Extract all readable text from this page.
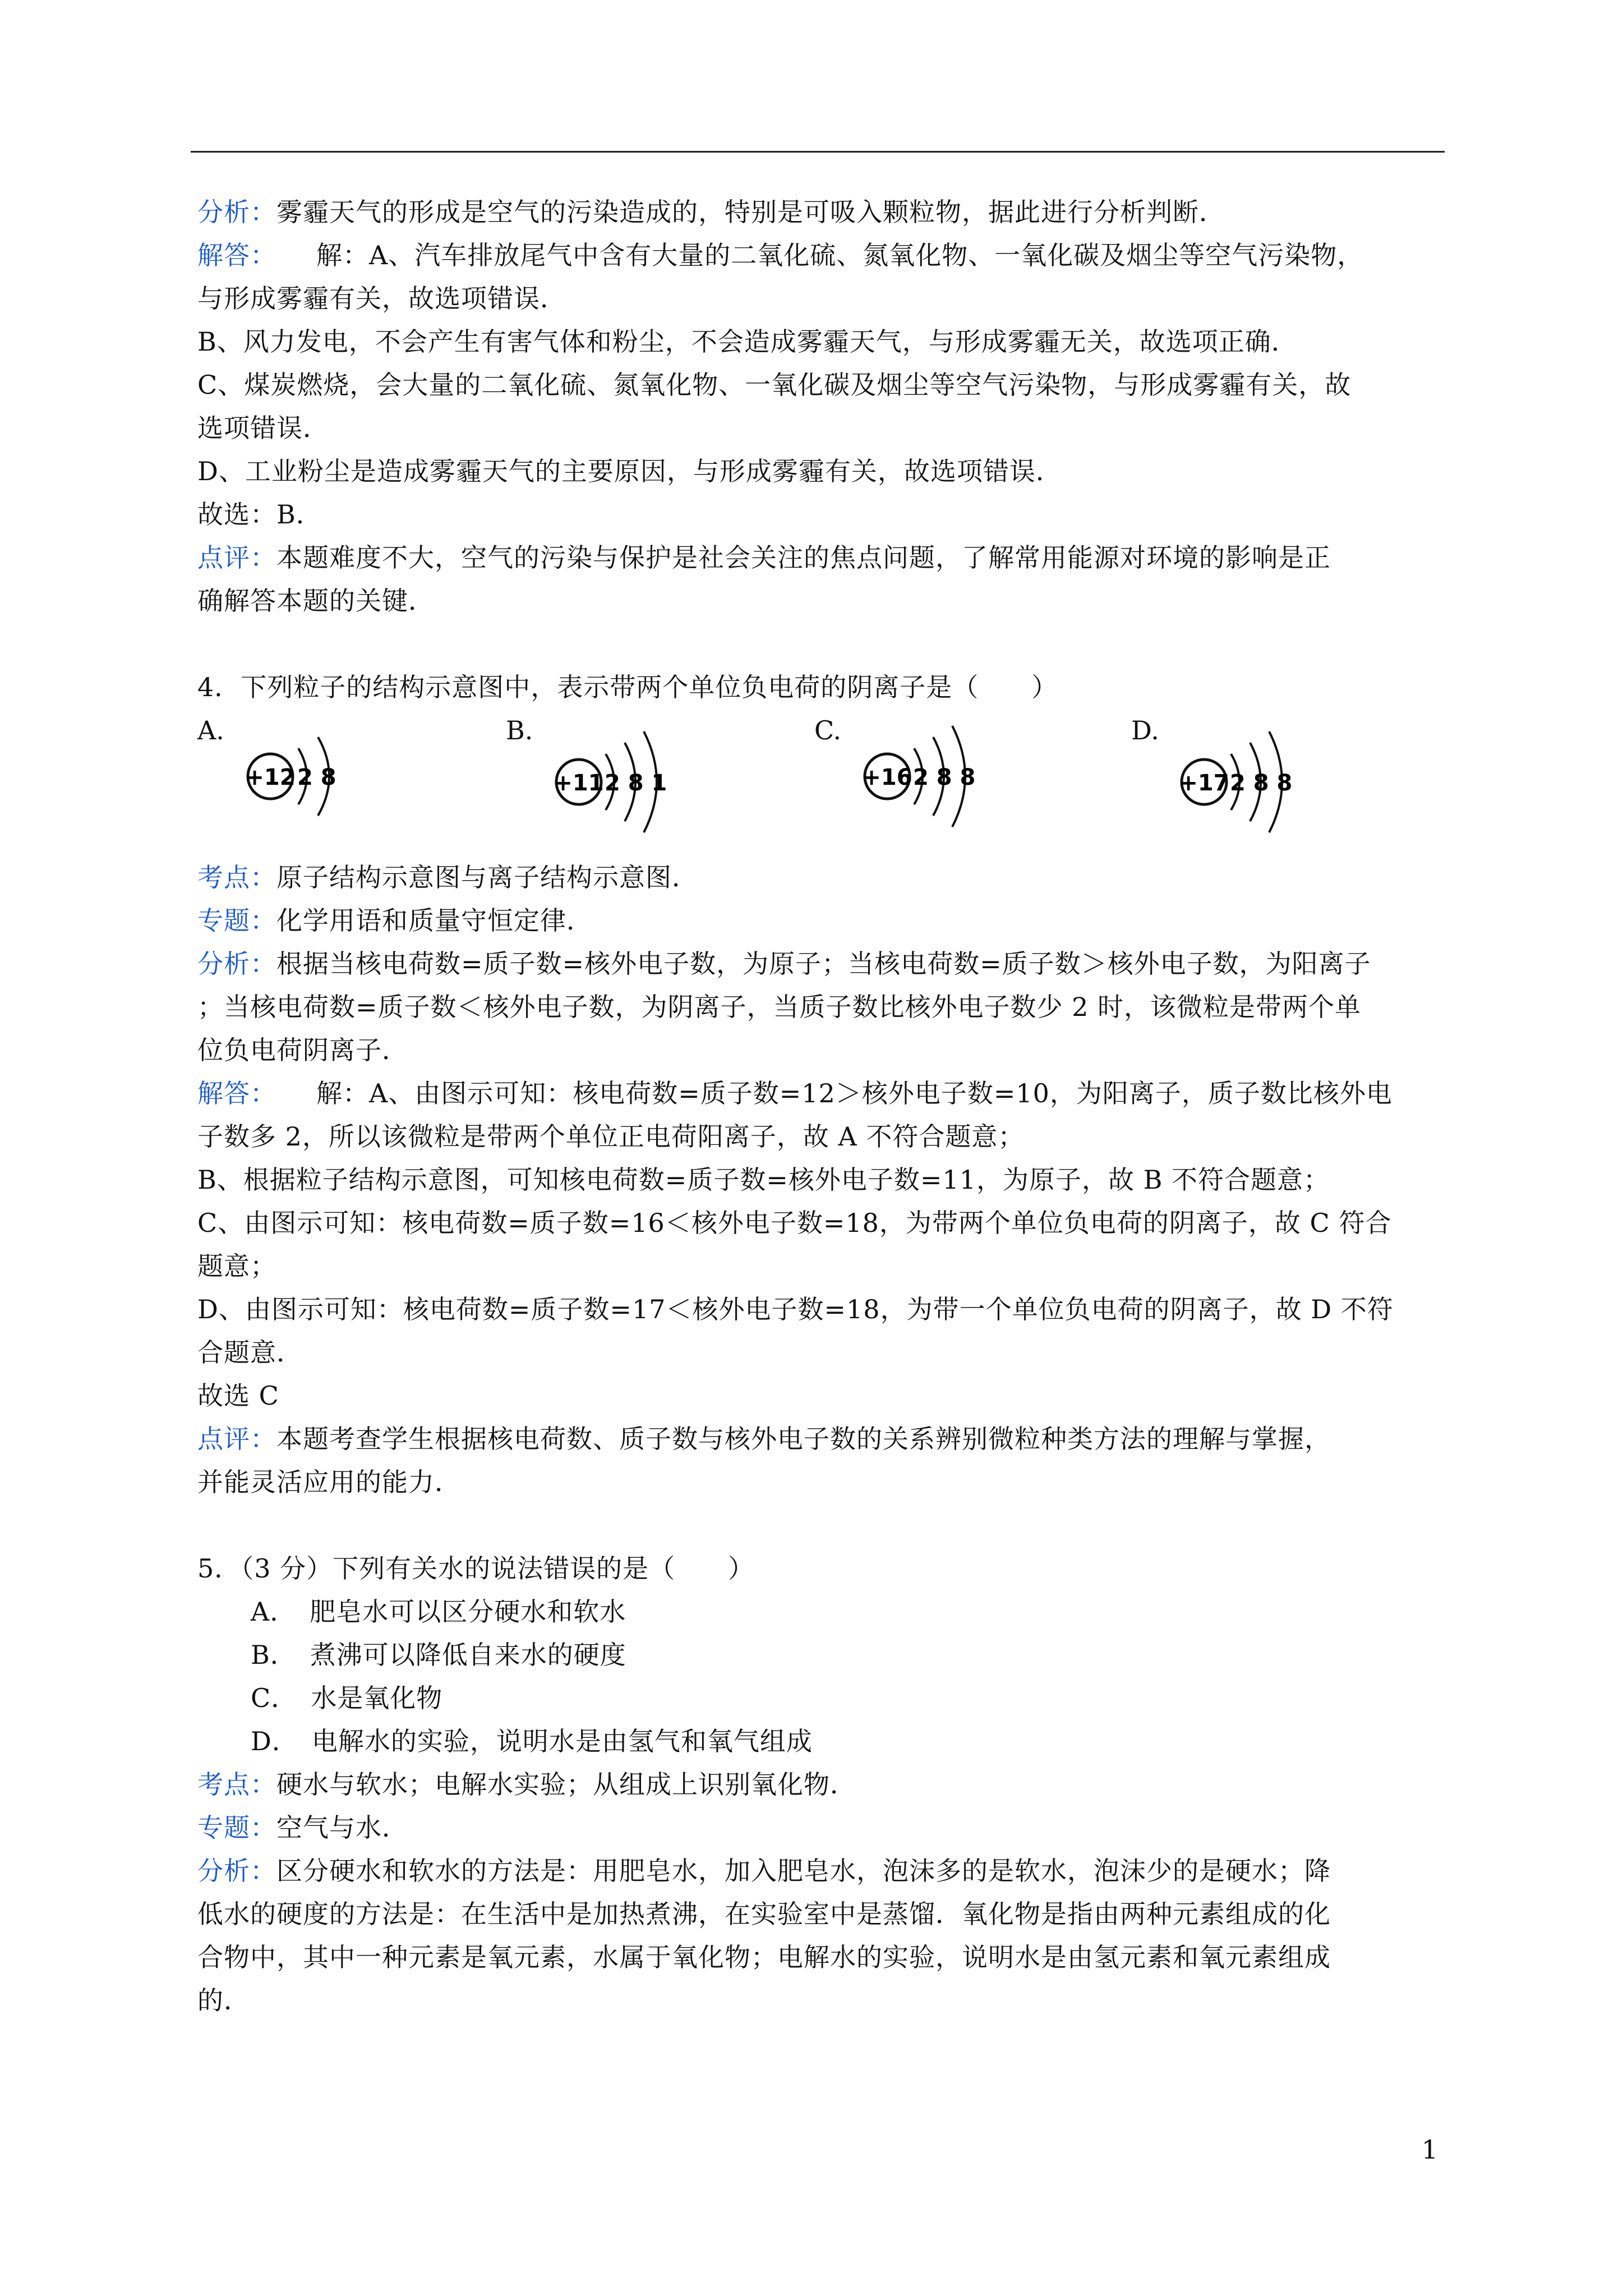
分析：雾霾天气的形成是空气的污染造成的，特别是可吸入颗粒物，据此进行分析判断．

解答：　　解：A、汽车排放尾气中含有大量的二氧化硫、氮氧化物、一氧化碳及烟尘等空气污染物，

与形成雾霾有关，故选项错误．

B、风力发电，不会产生有害气体和粉尘，不会造成雾霾天气，与形成雾霾无关，故选项正确．

C、煤炭燃烧，会大量的二氧化硫、氮氧化物、一氧化碳及烟尘等空气污染物，与形成雾霾有关，故

选项错误．

D、工业粉尘是造成雾霾天气的主要原因，与形成雾霾有关，故选项错误．

故选：B．

点评：本题难度不大，空气的污染与保护是社会关注的焦点问题，了解常用能源对环境的影响是正

确解答本题的关键．

4．下列粒子的结构示意图中，表示带两个单位负电荷的阴离子是（　　）

A.
+12 2 8
B.
+11 2 8 1
C.
+16 2 8 8
D.
+17 2 8 8

考点：原子结构示意图与离子结构示意图．

专题：化学用语和质量守恒定律．

分析：根据当核电荷数=质子数=核外电子数，为原子；当核电荷数=质子数＞核外电子数，为阳离子

；当核电荷数=质子数＜核外电子数，为阴离子，当质子数比核外电子数少 2 时，该微粒是带两个单

位负电荷阴离子．

解答：　　解：A、由图示可知：核电荷数=质子数=12＞核外电子数=10，为阳离子，质子数比核外电

子数多 2，所以该微粒是带两个单位正电荷阳离子，故 A 不符合题意；

B、根据粒子结构示意图，可知核电荷数=质子数=核外电子数=11，为原子，故 B 不符合题意；

C、由图示可知：核电荷数=质子数=16＜核外电子数=18，为带两个单位负电荷的阴离子，故 C 符合

题意；

D、由图示可知：核电荷数=质子数=17＜核外电子数=18，为带一个单位负电荷的阴离子，故 D 不符

合题意．

故选 C

点评：本题考查学生根据核电荷数、质子数与核外电子数的关系辨别微粒种类方法的理解与掌握，

并能灵活应用的能力．

5．（3 分）下列有关水的说法错误的是（　　）

A．　肥皂水可以区分硬水和软水

B．　煮沸可以降低自来水的硬度

C．　水是氧化物

D．　电解水的实验，说明水是由氢气和氧气组成

考点：硬水与软水；电解水实验；从组成上识别氧化物．

专题：空气与水．

分析：区分硬水和软水的方法是：用肥皂水，加入肥皂水，泡沫多的是软水，泡沫少的是硬水；降

低水的硬度的方法是：在生活中是加热煮沸，在实验室中是蒸馏．氧化物是指由两种元素组成的化

合物中，其中一种元素是氧元素，水属于氧化物；电解水的实验，说明水是由氢元素和氧元素组成

的．

1
